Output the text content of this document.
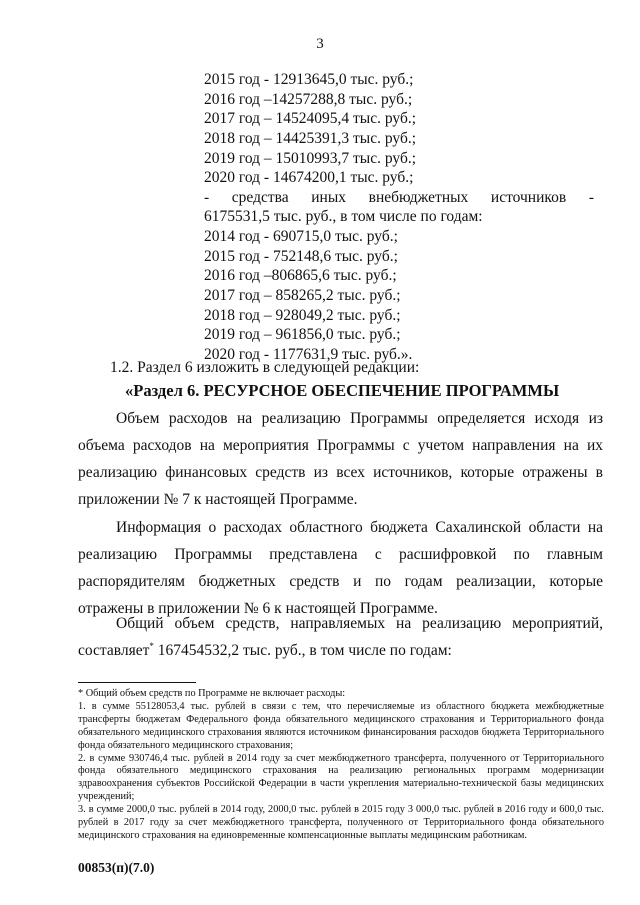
3
2015 год - 12913645,0 тыс. руб.;
2016 год –14257288,8 тыс. руб.;
2017 год – 14524095,4 тыс. руб.;
2018 год – 14425391,3 тыс. руб.;
2019 год – 15010993,7 тыс. руб.;
2020 год - 14674200,1 тыс. руб.;
- средства иных внебюджетных источников -
6175531,5 тыс. руб., в том числе по годам:
2014 год - 690715,0 тыс. руб.;
2015 год - 752148,6 тыс. руб.;
2016 год –806865,6 тыс. руб.;
2017 год – 858265,2 тыс. руб.;
2018 год – 928049,2 тыс. руб.;
2019 год – 961856,0 тыс. руб.;
2020 год - 1177631,9 тыс. руб.».
1.2. Раздел 6 изложить в следующей редакции:
«Раздел 6. РЕСУРСНОЕ ОБЕСПЕЧЕНИЕ ПРОГРАММЫ
Объем расходов на реализацию Программы определяется исходя из объема расходов на мероприятия Программы с учетом направления на их реализацию финансовых средств из всех источников, которые отражены в приложении № 7 к настоящей Программе.
Информация о расходах областного бюджета Сахалинской области на реализацию Программы представлена с расшифровкой по главным распорядителям бюджетных средств и по годам реализации, которые отражены в приложении № 6 к настоящей Программе.
Общий объем средств, направляемых на реализацию мероприятий,
составляет* 167454532,2 тыс. руб., в том числе по годам:
* Общий объем средств по Программе не включает расходы:
1. в сумме 55128053,4 тыс. рублей в связи с тем, что перечисляемые из областного бюджета межбюджетные трансферты бюджетам Федерального фонда обязательного медицинского страхования и Территориального фонда обязательного медицинского страхования являются источником финансирования расходов бюджета Территориального фонда обязательного медицинского страхования;
2. в сумме 930746,4 тыс. рублей в 2014 году за счет межбюджетного трансферта, полученного от Территориального фонда обязательного медицинского страхования на реализацию региональных программ модернизации здравоохранения субъектов Российской Федерации в части укрепления материально-технической базы медицинских учреждений;
3. в сумме 2000,0 тыс. рублей в 2014 году, 2000,0 тыс. рублей в 2015 году 3 000,0 тыс. рублей в 2016 году и 600,0 тыс. рублей в 2017 году за счет межбюджетного трансферта, полученного от Территориального фонда обязательного медицинского страхования на единовременные компенсационные выплаты медицинским работникам.
00853(п)(7.0)
